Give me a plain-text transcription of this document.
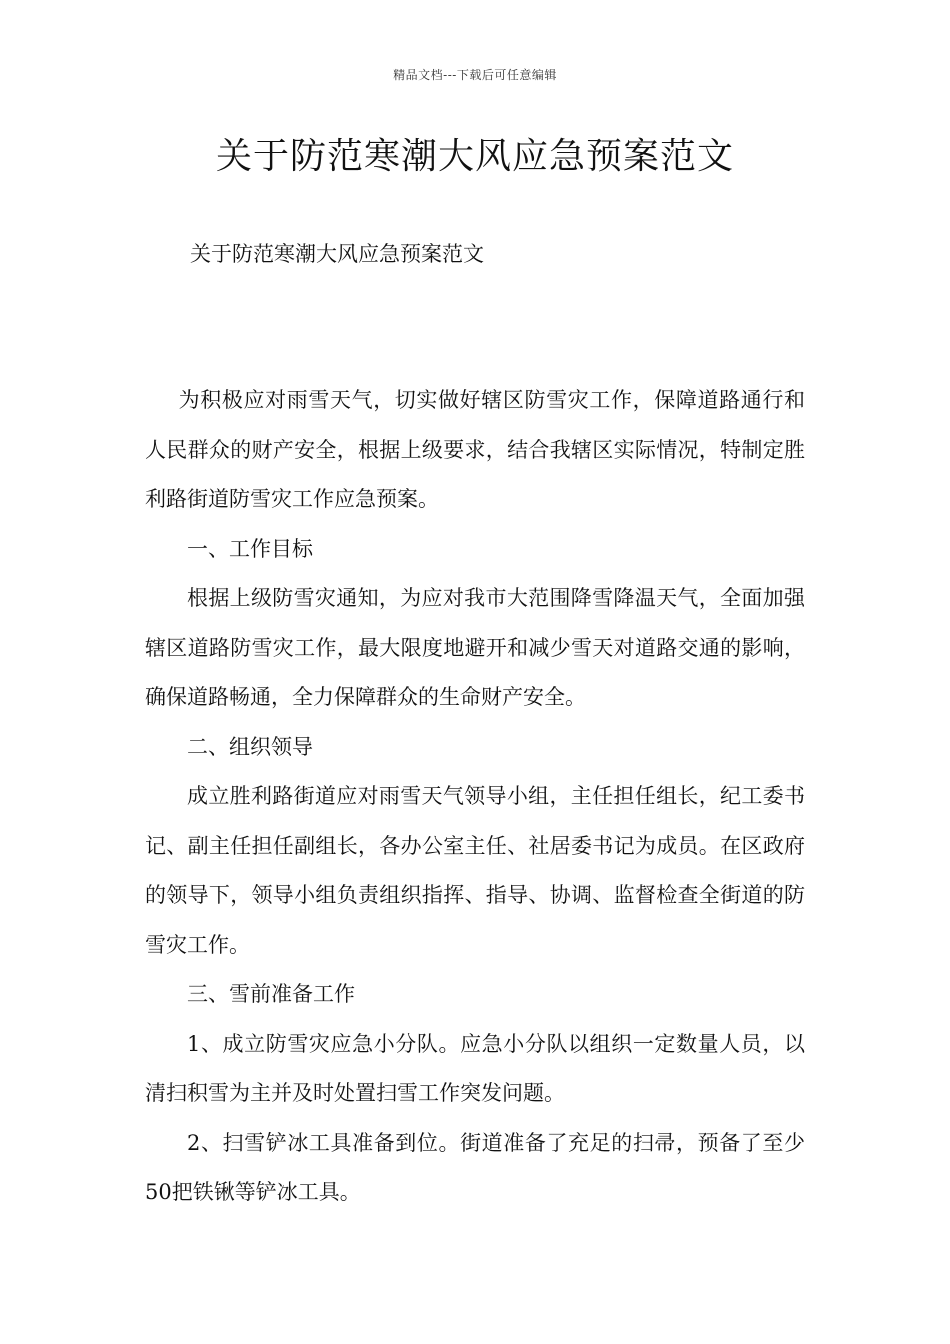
精品文档---下载后可任意编辑
关于防范寒潮大风应急预案范文
关于防范寒潮大风应急预案范文

为积极应对雨雪天气，切实做好辖区防雪灾工作，保障道路通行和人民群众的财产安全，根据上级要求，结合我辖区实际情况，特制定胜利路街道防雪灾工作应急预案。

一、工作目标

根据上级防雪灾通知，为应对我市大范围降雪降温天气，全面加强辖区道路防雪灾工作，最大限度地避开和减少雪天对道路交通的影响，确保道路畅通，全力保障群众的生命财产安全。

二、组织领导

成立胜利路街道应对雨雪天气领导小组，主任担任组长，纪工委书记、副主任担任副组长，各办公室主任、社居委书记为成员。在区政府的领导下，领导小组负责组织指挥、指导、协调、监督检查全街道的防雪灾工作。

三、雪前准备工作

1、成立防雪灾应急小分队。应急小分队以组织一定数量人员，以清扫积雪为主并及时处置扫雪工作突发问题。

2、扫雪铲冰工具准备到位。街道准备了充足的扫帚，预备了至少50把铁锹等铲冰工具。
